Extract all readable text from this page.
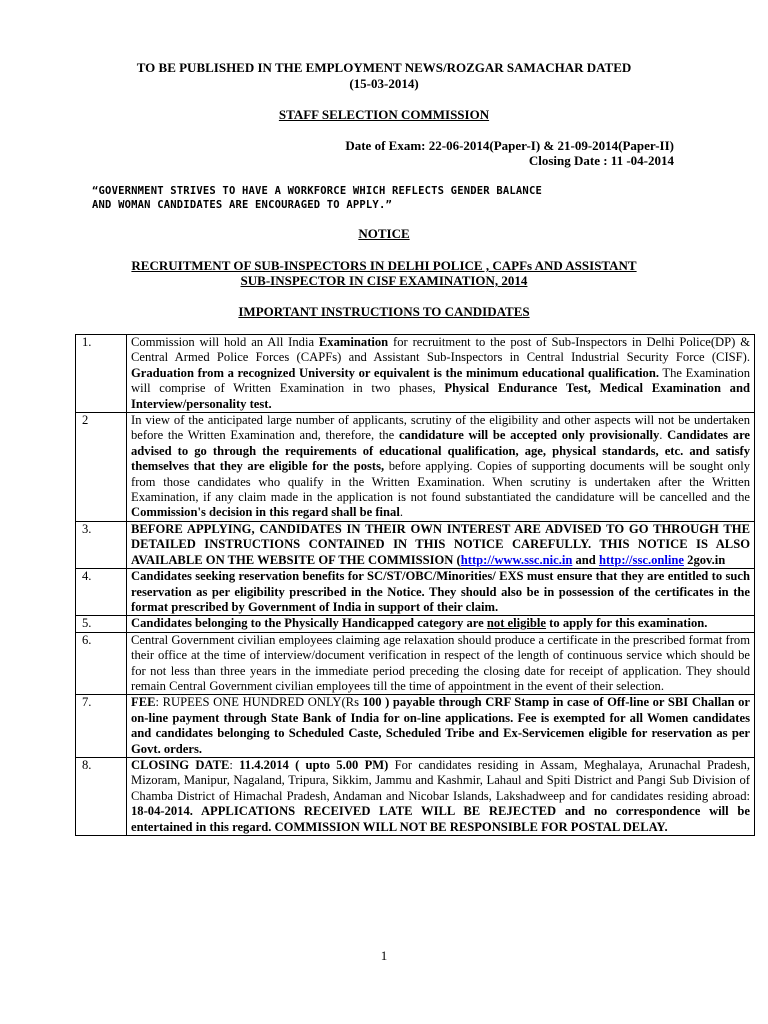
TO BE PUBLISHED IN THE EMPLOYMENT NEWS/ROZGAR SAMACHAR DATED
(15-03-2014)
STAFF SELECTION COMMISSION
Date of Exam: 22-06-2014(Paper-I) & 21-09-2014(Paper-II)
Closing Date : 11 -04-2014
“GOVERNMENT STRIVES TO HAVE A WORKFORCE WHICH REFLECTS GENDER BALANCE
AND WOMAN CANDIDATES ARE ENCOURAGED TO APPLY.”
NOTICE
RECRUITMENT OF SUB-INSPECTORS IN DELHI POLICE , CAPFs AND ASSISTANT
SUB-INSPECTOR IN CISF EXAMINATION, 2014
IMPORTANT INSTRUCTIONS TO CANDIDATES
1.	Commission will hold an All India Examination for recruitment to the post of Sub-Inspectors in Delhi Police(DP) & Central Armed Police Forces (CAPFs) and Assistant Sub-Inspectors in Central Industrial Security Force (CISF). Graduation from a recognized University or equivalent is the minimum educational qualification. The Examination will comprise of Written Examination in two phases, Physical Endurance Test, Medical Examination and Interview/personality test.
2	In view of the anticipated large number of applicants, scrutiny of the eligibility and other aspects will not be undertaken before the Written Examination and, therefore, the candidature will be accepted only provisionally. Candidates are advised to go through the requirements of educational qualification, age, physical standards, etc. and satisfy themselves that they are eligible for the posts, before applying. Copies of supporting documents will be sought only from those candidates who qualify in the Written Examination. When scrutiny is undertaken after the Written Examination, if any claim made in the application is not found substantiated the candidature will be cancelled and the Commission's decision in this regard shall be final.
3.	BEFORE APPLYING, CANDIDATES IN THEIR OWN INTEREST ARE ADVISED TO GO THROUGH THE DETAILED INSTRUCTIONS CONTAINED IN THIS NOTICE CAREFULLY. THIS NOTICE IS ALSO AVAILABLE ON THE WEBSITE OF THE COMMISSION (http://www.ssc.nic.in and http://ssc.online 2gov.in
4.	Candidates seeking reservation benefits for SC/ST/OBC/Minorities/ EXS must ensure that they are entitled to such reservation as per eligibility prescribed in the Notice. They should also be in possession of the certificates in the format prescribed by Government of India in support of their claim.
5.	Candidates belonging to the Physically Handicapped category are not eligible to apply for this examination.
6.	Central Government civilian employees claiming age relaxation should produce a certificate in the prescribed format from their office at the time of interview/document verification in respect of the length of continuous service which should be for not less than three years in the immediate period preceding the closing date for receipt of application. They should remain Central Government civilian employees till the time of appointment in the event of their selection.
7.	FEE: RUPEES ONE HUNDRED ONLY(Rs 100 ) payable through CRF Stamp in case of Off-line or SBI Challan or on-line payment through State Bank of India for on-line applications. Fee is exempted for all Women candidates and candidates belonging to Scheduled Caste, Scheduled Tribe and Ex-Servicemen eligible for reservation as per Govt. orders.
8.	CLOSING DATE: 11.4.2014 ( upto 5.00 PM) For candidates residing in Assam, Meghalaya, Arunachal Pradesh, Mizoram, Manipur, Nagaland, Tripura, Sikkim, Jammu and Kashmir, Lahaul and Spiti District and Pangi Sub Division of Chamba District of Himachal Pradesh, Andaman and Nicobar Islands, Lakshadweep and for candidates residing abroad: 18-04-2014. APPLICATIONS RECEIVED LATE WILL BE REJECTED and no correspondence will be entertained in this regard. COMMISSION WILL NOT BE RESPONSIBLE FOR POSTAL DELAY.
1
